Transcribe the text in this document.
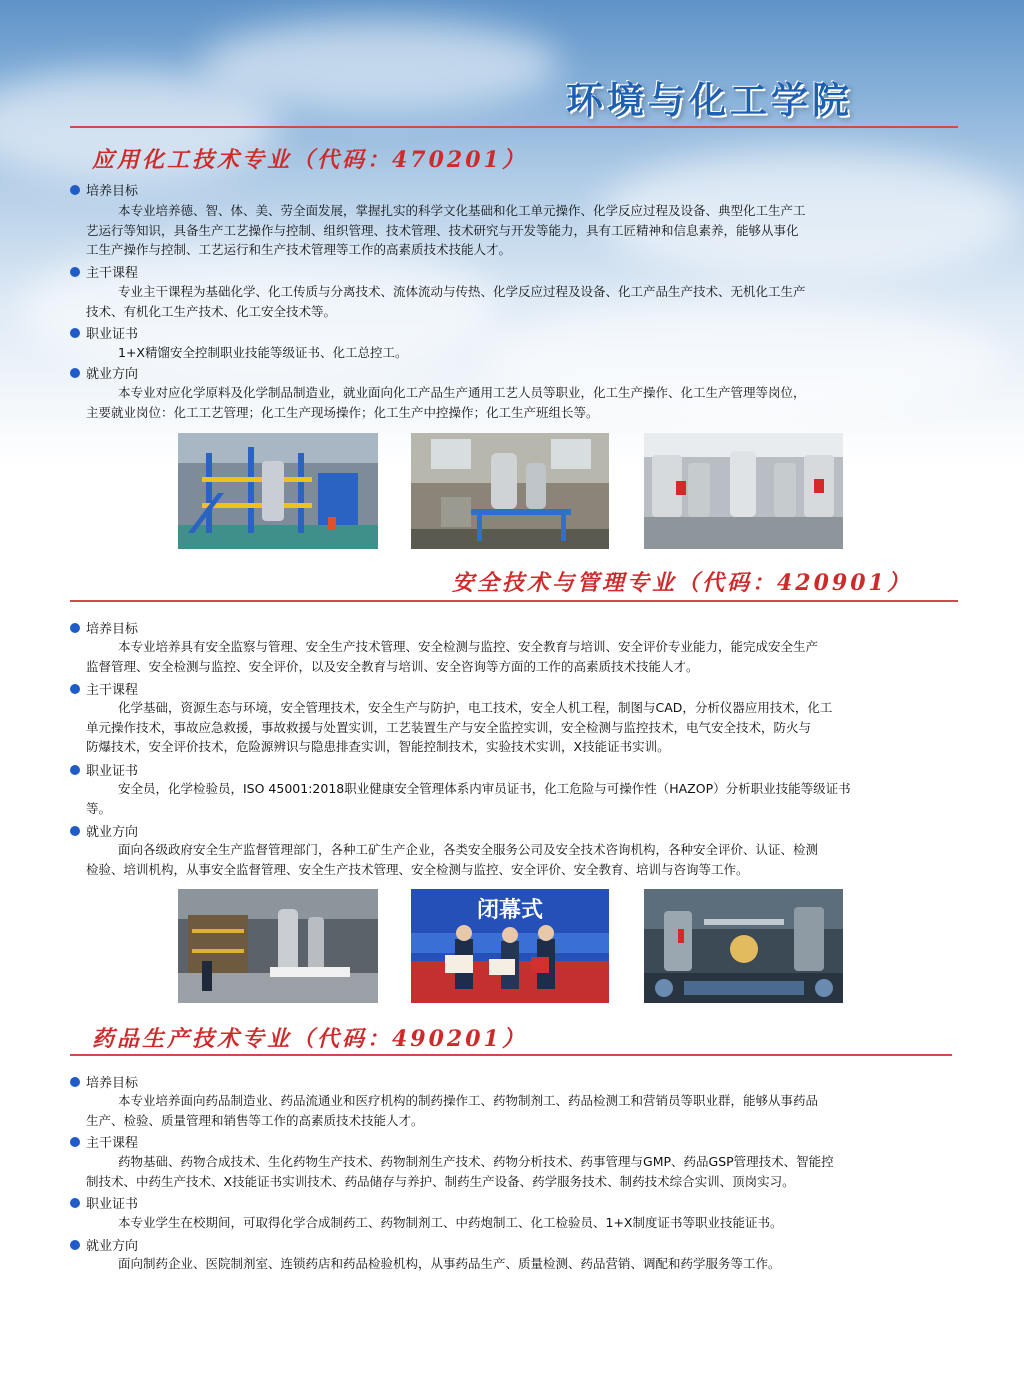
环境与化工学院
应用化工技术专业（代码：470201）
培养目标
本专业培养德、智、体、美、劳全面发展，掌握扎实的科学文化基础和化工单元操作、化学反应过程及设备、典型化工生产工
艺运行等知识，具备生产工艺操作与控制、组织管理、技术管理、技术研究与开发等能力，具有工匠精神和信息素养，能够从事化
工生产操作与控制、工艺运行和生产技术管理等工作的高素质技术技能人才。
主干课程
专业主干课程为基础化学、化工传质与分离技术、流体流动与传热、化学反应过程及设备、化工产品生产技术、无机化工生产
技术、有机化工生产技术、化工安全技术等。
职业证书
1+X精馏安全控制职业技能等级证书、化工总控工。
就业方向
本专业对应化学原料及化学制品制造业，就业面向化工产品生产通用工艺人员等职业，化工生产操作、化工生产管理等岗位，
主要就业岗位：化工工艺管理；化工生产现场操作；化工生产中控操作；化工生产班组长等。
安全技术与管理专业（代码：420901）
培养目标
本专业培养具有安全监察与管理、安全生产技术管理、安全检测与监控、安全教育与培训、安全评价专业能力，能完成安全生产
监督管理、安全检测与监控、安全评价，以及安全教育与培训、安全咨询等方面的工作的高素质技术技能人才。
主干课程
化学基础，资源生态与环境，安全管理技术，安全生产与防护，电工技术，安全人机工程，制图与CAD，分析仪器应用技术，化工
单元操作技术，事故应急救援，事故救援与处置实训，工艺装置生产与安全监控实训，安全检测与监控技术，电气安全技术，防火与
防爆技术，安全评价技术，危险源辨识与隐患排查实训，智能控制技术，实验技术实训，X技能证书实训。
职业证书
安全员，化学检验员，ISO 45001:2018职业健康安全管理体系内审员证书，化工危险与可操作性（HAZOP）分析职业技能等级证书
等。
就业方向
面向各级政府安全生产监督管理部门，各种工矿生产企业，各类安全服务公司及安全技术咨询机构，各种安全评价、认证、检测
检验、培训机构，从事安全监督管理、安全生产技术管理、安全检测与监控、安全评价、安全教育、培训与咨询等工作。
闭幕式
药品生产技术专业（代码：490201）
培养目标
本专业培养面向药品制造业、药品流通业和医疗机构的制药操作工、药物制剂工、药品检测工和营销员等职业群，能够从事药品
生产、检验、质量管理和销售等工作的高素质技术技能人才。
主干课程
药物基础、药物合成技术、生化药物生产技术、药物制剂生产技术、药物分析技术、药事管理与GMP、药品GSP管理技术、智能控
制技术、中药生产技术、X技能证书实训技术、药品储存与养护、制药生产设备、药学服务技术、制药技术综合实训、顶岗实习。
职业证书
本专业学生在校期间，可取得化学合成制药工、药物制剂工、中药炮制工、化工检验员、1+X制度证书等职业技能证书。
就业方向
面向制药企业、医院制剂室、连锁药店和药品检验机构，从事药品生产、质量检测、药品营销、调配和药学服务等工作。
